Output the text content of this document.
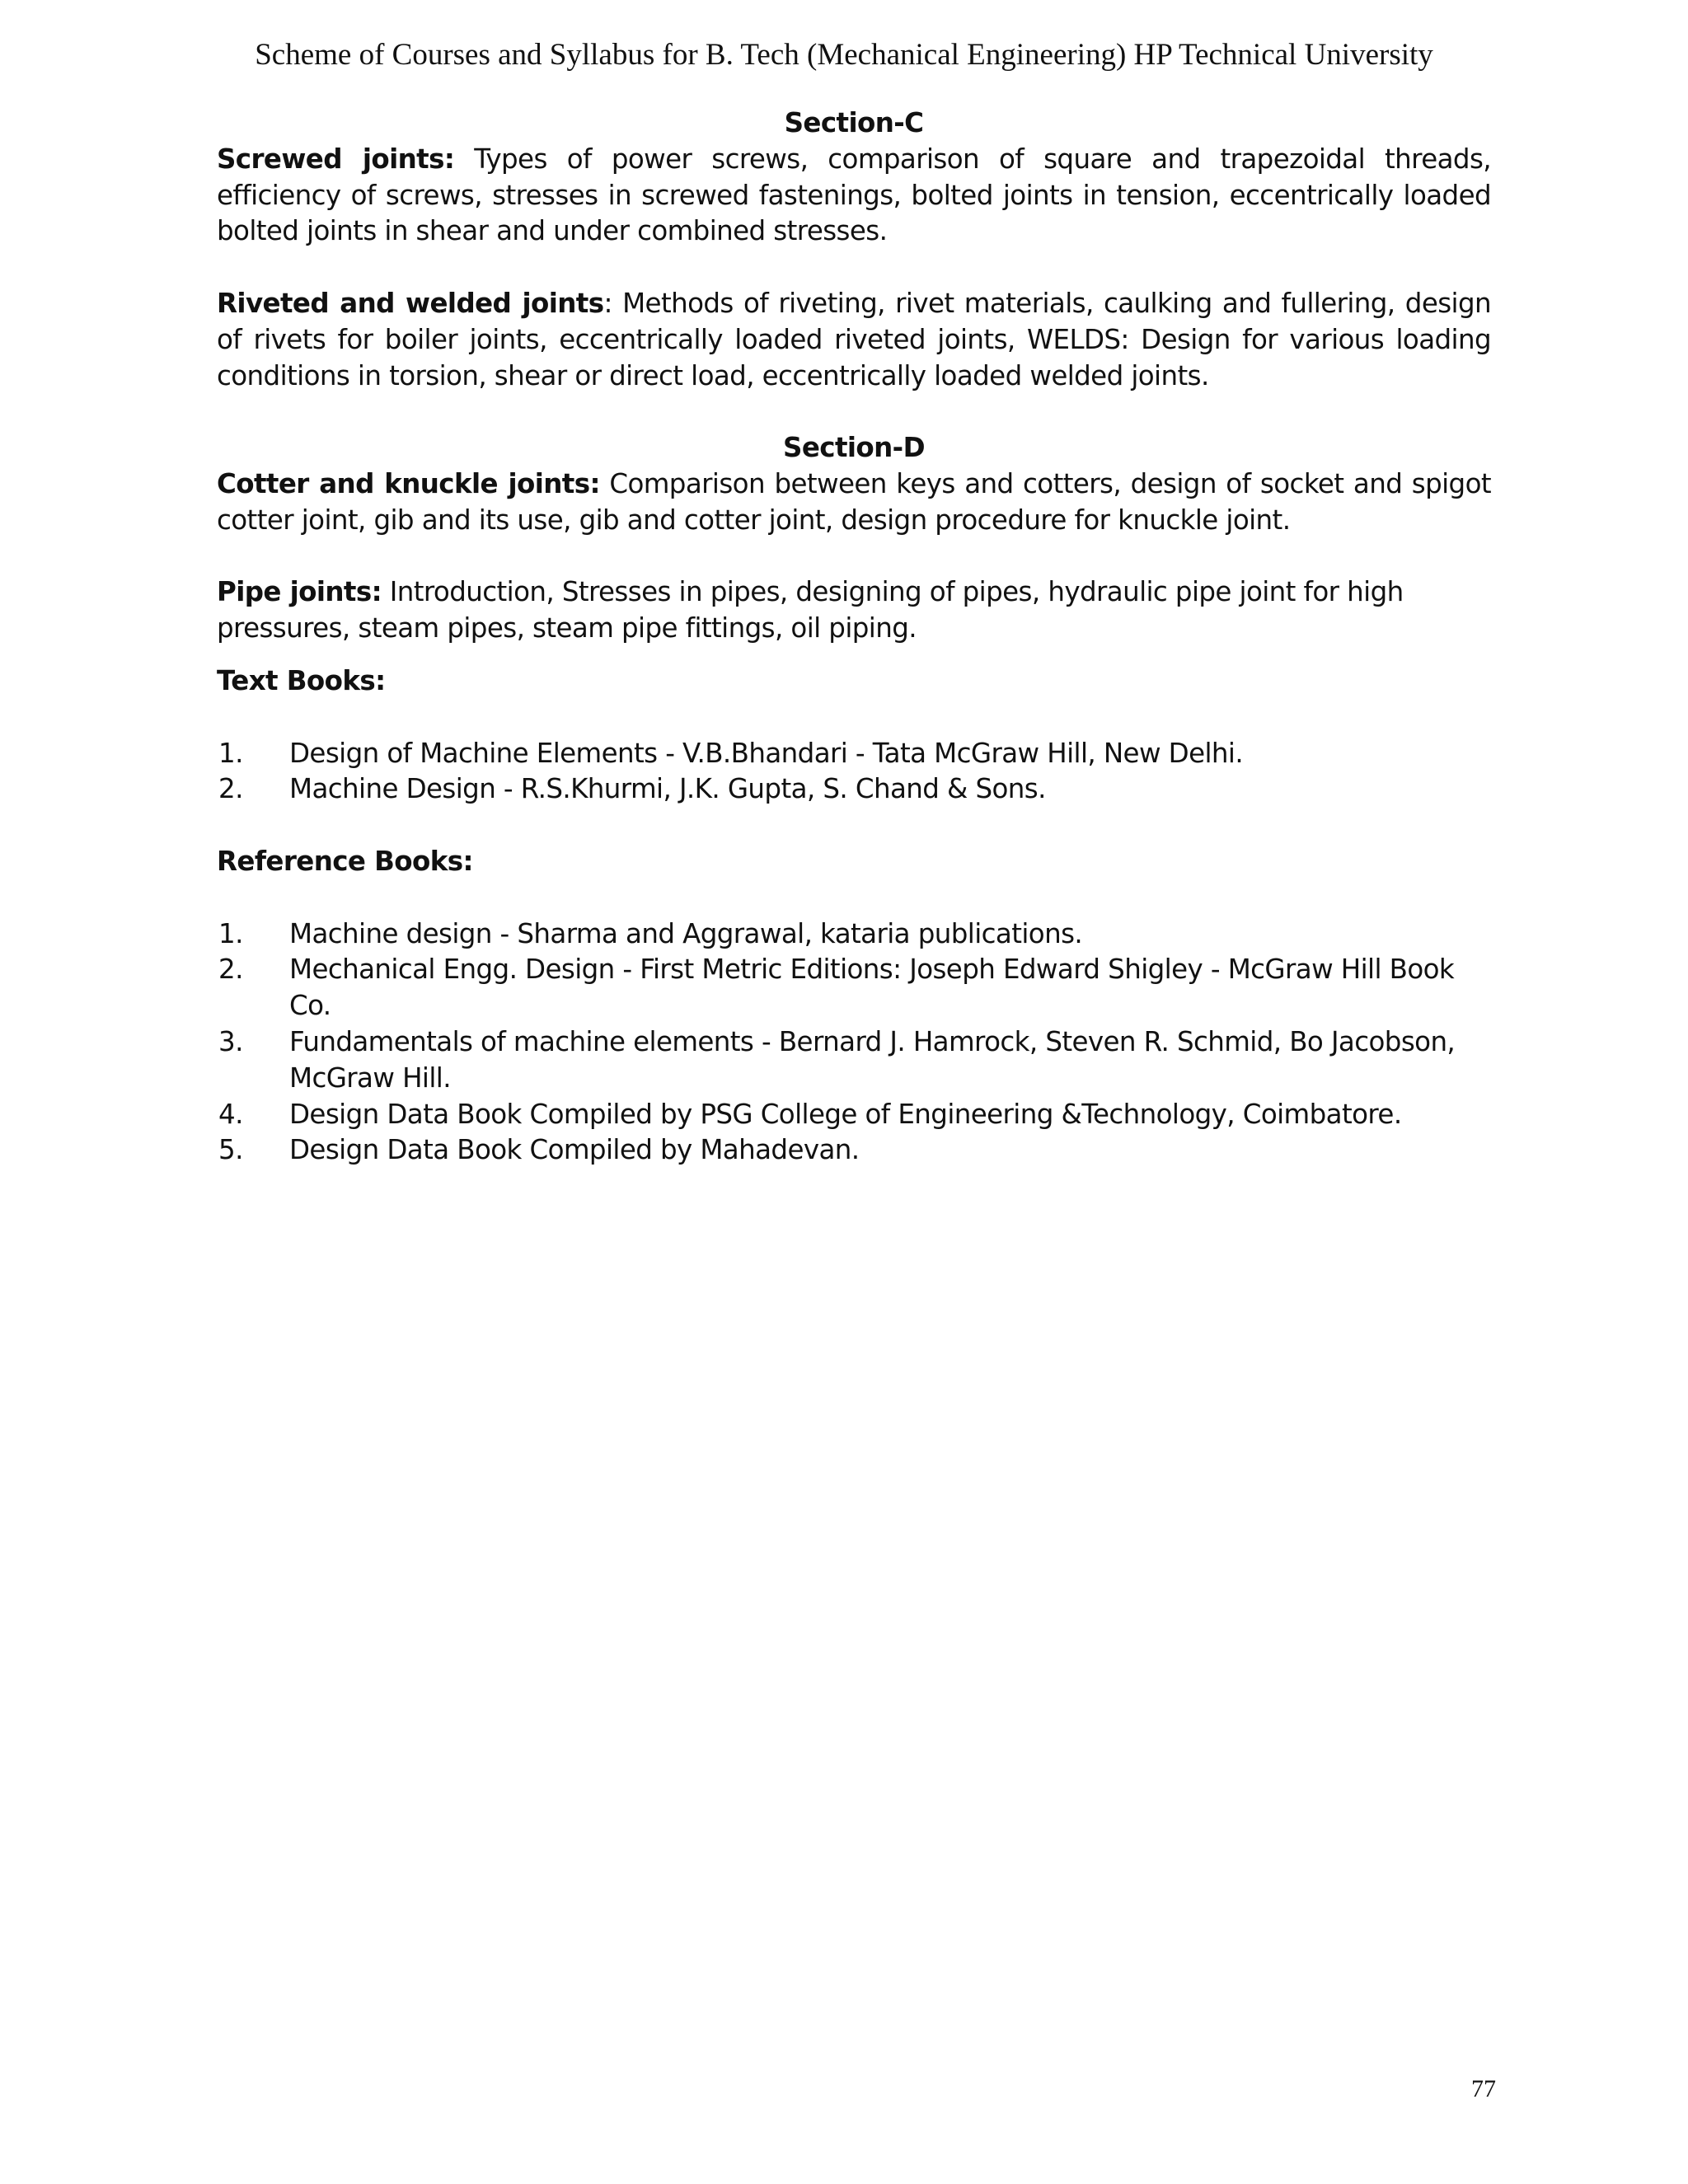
Scheme of Courses and Syllabus for B. Tech (Mechanical Engineering) HP Technical University

Section-C

Screwed joints: Types of power screws, comparison of square and trapezoidal threads, efficiency of screws, stresses in screwed fastenings, bolted joints in tension, eccentrically loaded bolted joints in shear and under combined stresses.

Riveted and welded joints: Methods of riveting, rivet materials, caulking and fullering, design of rivets for boiler joints, eccentrically loaded riveted joints, WELDS: Design for various loading conditions in torsion, shear or direct load, eccentrically loaded welded joints.

Section-D

Cotter and knuckle joints: Comparison between keys and cotters, design of socket and spigot cotter joint, gib and its use, gib and cotter joint, design procedure for knuckle joint.

Pipe joints: Introduction, Stresses in pipes, designing of pipes, hydraulic pipe joint for high pressures, steam pipes, steam pipe fittings, oil piping.

Text Books:

1. Design of Machine Elements - V.B.Bhandari - Tata McGraw Hill, New Delhi.
2. Machine Design - R.S.Khurmi, J.K. Gupta, S. Chand & Sons.

Reference Books:

1. Machine design - Sharma and Aggrawal, kataria publications.
2. Mechanical Engg. Design - First Metric Editions: Joseph Edward Shigley - McGraw Hill Book Co.
3. Fundamentals of machine elements - Bernard J. Hamrock, Steven R. Schmid, Bo Jacobson, McGraw Hill.
4. Design Data Book Compiled by PSG College of Engineering &Technology, Coimbatore.
5. Design Data Book Compiled by Mahadevan.
77
